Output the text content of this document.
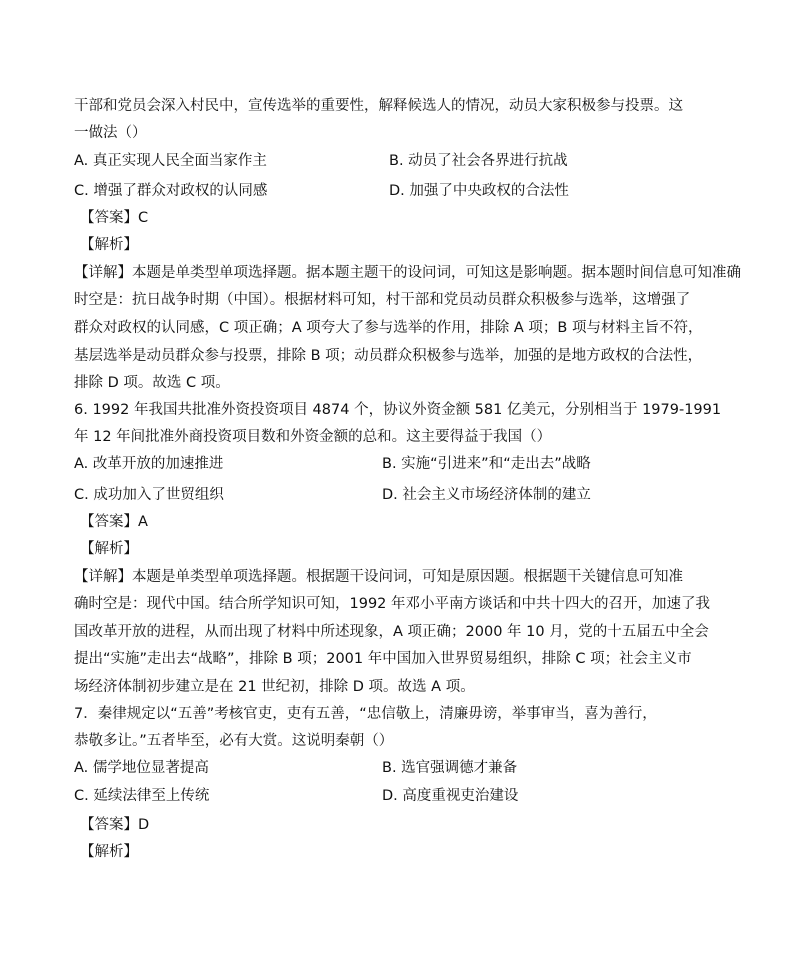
干部和党员会深入村民中，宣传选举的重要性，解释候选人的情况，动员大家积极参与投票。这
一做法（）
A. 真正实现人民全面当家作主	B. 动员了社会各界进行抗战
C. 增强了群众对政权的认同感	D. 加强了中央政权的合法性
【答案】C
【解析】
【详解】本题是单类型单项选择题。据本题主题干的设问词，可知这是影响题。据本题时间信息可知准确
时空是：抗日战争时期（中国）。根据材料可知，村干部和党员动员群众积极参与选举，这增强了
群众对政权的认同感，C 项正确；A 项夸大了参与选举的作用，排除 A 项；B 项与材料主旨不符，
基层选举是动员群众参与投票，排除 B 项；动员群众积极参与选举，加强的是地方政权的合法性，
排除 D 项。故选 C 项。
6. 1992 年我国共批准外资投资项目 4874 个，协议外资金额 581 亿美元，分别相当于 1979-1991
年 12 年间批准外商投资项目数和外资金额的总和。这主要得益于我国（）
A. 改革开放的加速推进	B. 实施“引进来”和“走出去”战略
C. 成功加入了世贸组织	D. 社会主义市场经济体制的建立
【答案】A
【解析】
【详解】本题是单类型单项选择题。根据题干设问词，可知是原因题。根据题干关键信息可知准
确时空是：现代中国。结合所学知识可知，1992 年邓小平南方谈话和中共十四大的召开，加速了我
国改革开放的进程，从而出现了材料中所述现象，A 项正确；2000 年 10 月，党的十五届五中全会
提出“实施”走出去“战略”，排除 B 项；2001 年中国加入世界贸易组织，排除 C 项；社会主义市
场经济体制初步建立是在 21 世纪初，排除 D 项。故选 A 项。
7．秦律规定以“五善”考核官吏，吏有五善，“忠信敬上，清廉毋谤，举事审当，喜为善行，
恭敬多让。”五者毕至，必有大赏。这说明秦朝（）
A. 儒学地位显著提高	B. 选官强调德才兼备
C. 延续法律至上传统	D. 高度重视吏治建设
【答案】D
【解析】
